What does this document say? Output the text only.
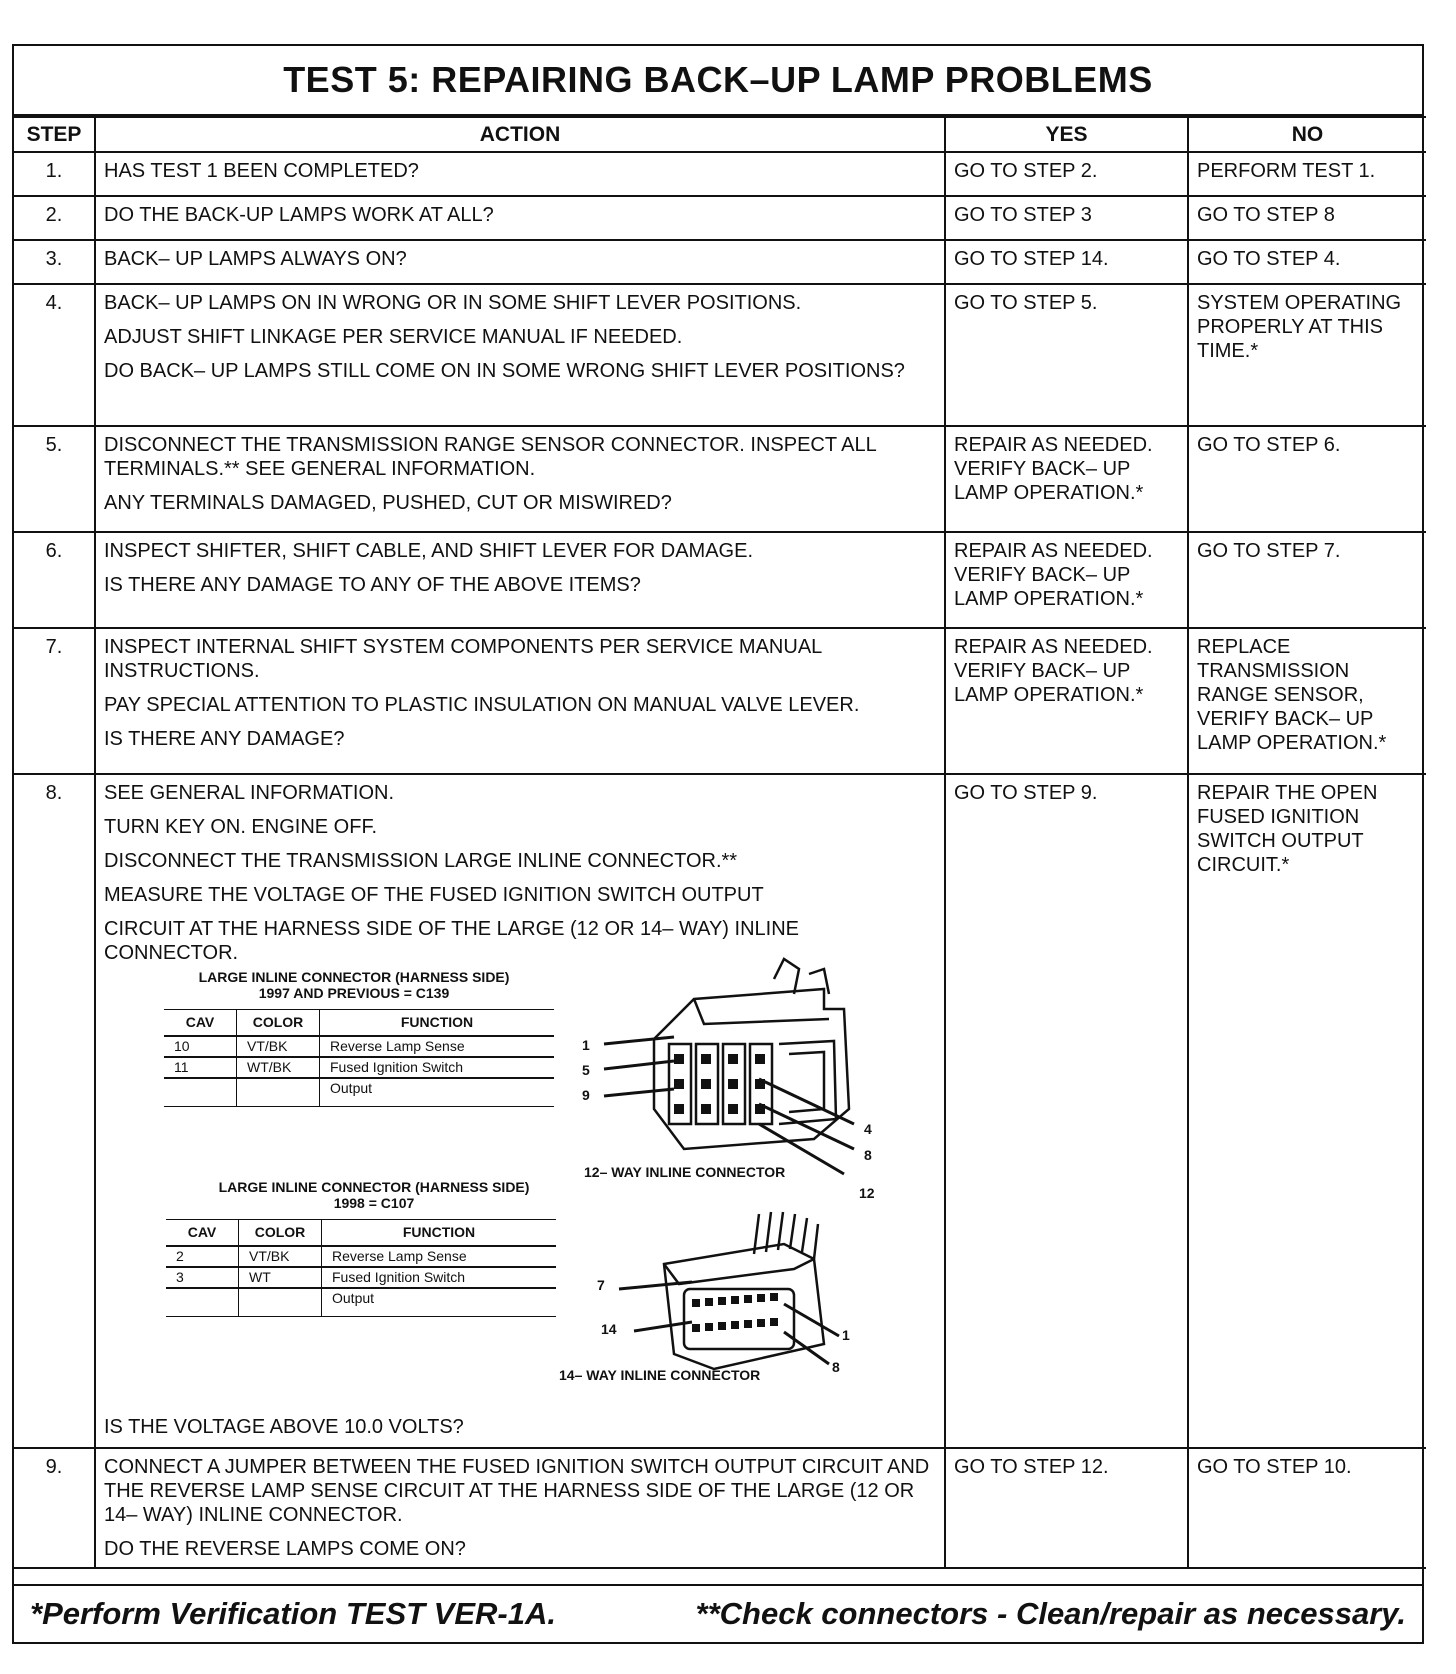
TEST 5: REPAIRING BACK–UP LAMP PROBLEMS
STEP	ACTION	YES	NO
1.	HAS TEST 1 BEEN COMPLETED?	GO TO STEP 2.	PERFORM TEST 1.
2.	DO THE BACK-UP LAMPS WORK AT ALL?	GO TO STEP 3	GO TO STEP 8
3.	BACK– UP LAMPS ALWAYS ON?	GO TO STEP 14.	GO TO STEP 4.
4.	BACK– UP LAMPS ON IN WRONG OR IN SOME SHIFT LEVER POSITIONS.
ADJUST SHIFT LINKAGE PER SERVICE MANUAL IF NEEDED.
DO BACK– UP LAMPS STILL COME ON IN SOME WRONG SHIFT LEVER POSITIONS?
	GO TO STEP 5.	SYSTEM OPERATING PROPERLY AT THIS TIME.*
5.	DISCONNECT THE TRANSMISSION RANGE SENSOR CONNECTOR. INSPECT ALL TERMINALS.** SEE GENERAL INFORMATION.
ANY TERMINALS DAMAGED, PUSHED, CUT OR MISWIRED?
	REPAIR AS NEEDED. VERIFY BACK– UP LAMP OPERATION.*	GO TO STEP 6.
6.	INSPECT SHIFTER, SHIFT CABLE, AND SHIFT LEVER FOR DAMAGE.
IS THERE ANY DAMAGE TO ANY OF THE ABOVE ITEMS?
	REPAIR AS NEEDED. VERIFY BACK– UP LAMP OPERATION.*	GO TO STEP 7.
7.	INSPECT INTERNAL SHIFT SYSTEM COMPONENTS PER SERVICE MANUAL INSTRUCTIONS.
PAY SPECIAL ATTENTION TO PLASTIC INSULATION ON MANUAL VALVE LEVER.
IS THERE ANY DAMAGE?
	REPAIR AS NEEDED. VERIFY BACK– UP LAMP OPERATION.*	REPLACE TRANSMISSION RANGE SENSOR, VERIFY BACK– UP LAMP OPERATION.*
8.	SEE GENERAL INFORMATION.
TURN KEY ON. ENGINE OFF.
DISCONNECT THE TRANSMISSION LARGE INLINE CONNECTOR.**
MEASURE THE VOLTAGE OF THE FUSED IGNITION SWITCH OUTPUT
CIRCUIT AT THE HARNESS SIDE OF THE LARGE (12 OR 14– WAY) INLINE CONNECTOR.
LARGE INLINE CONNECTOR (HARNESS SIDE)
1997 AND PREVIOUS = C139
CAV	COLOR	FUNCTION
10	VT/BK	Reverse Lamp Sense
11	WT/BK	Fused Ignition Switch
		Output
1
5
9
4
8
12
12– WAY INLINE CONNECTOR
LARGE INLINE CONNECTOR (HARNESS SIDE)
1998 = C107
CAV	COLOR	FUNCTION
2	VT/BK	Reverse Lamp Sense
3	WT	Fused Ignition Switch
		Output
7
14	1
8
14– WAY INLINE CONNECTOR
IS THE VOLTAGE ABOVE 10.0 VOLTS?
	GO TO STEP 9.	REPAIR THE OPEN FUSED IGNITION SWITCH OUTPUT CIRCUIT.*
9.	CONNECT A JUMPER BETWEEN THE FUSED IGNITION SWITCH OUTPUT CIRCUIT AND THE REVERSE LAMP SENSE CIRCUIT AT THE HARNESS SIDE OF THE LARGE (12 OR 14– WAY) INLINE CONNECTOR.
DO THE REVERSE LAMPS COME ON?
	GO TO STEP 12.	GO TO STEP 10.
*Perform Verification TEST VER-1A.	**Check connectors - Clean/repair as necessary.
